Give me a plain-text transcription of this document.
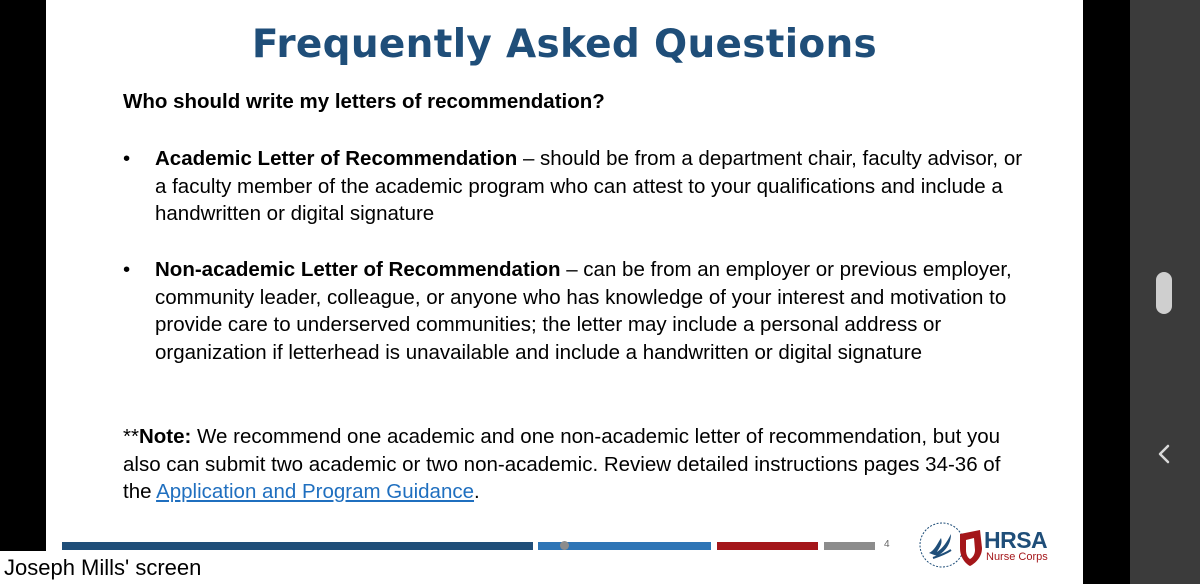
Frequently Asked Questions
Who should write my letters of recommendation?
•	Academic Letter of Recommendation – should be from a department chair, faculty advisor, or a faculty member of the academic program who can attest to your qualifications and include a handwritten or digital signature
•	Non-academic Letter of Recommendation – can be from an employer or previous employer, community leader, colleague, or anyone who has knowledge of your interest and motivation to provide care to underserved communities; the letter may include a personal address or organization if letterhead is unavailable and include a handwritten or digital signature
**Note: We recommend one academic and one non-academic letter of recommendation, but you also can submit two academic or two non-academic. Review detailed instructions pages 34-36 of the Application and Program Guidance.
4	HRSA
Nurse Corps
Joseph Mills' screen
